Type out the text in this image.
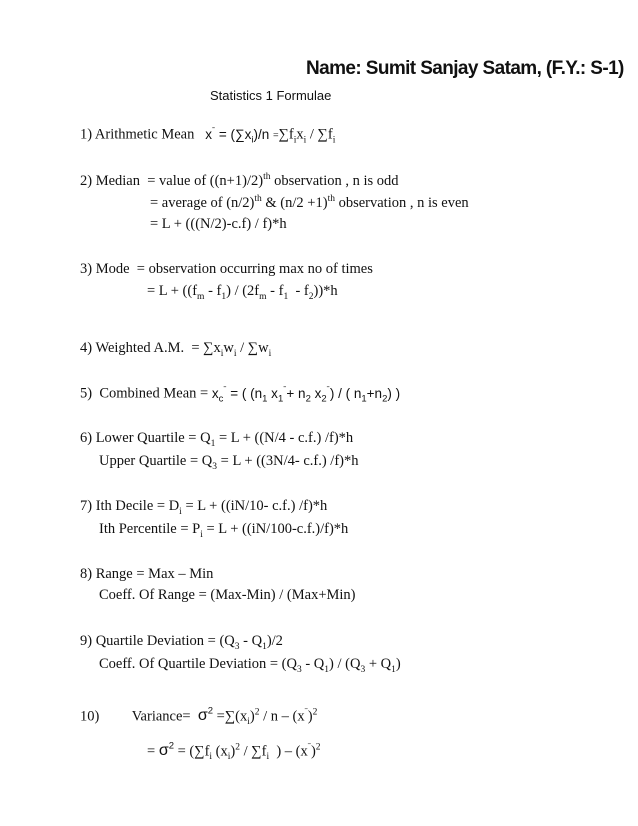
Name: Sumit Sanjay Satam, (F.Y.: S-1)
Statistics 1 Formulae
1) Arithmetic Mean   $x^ˉ = (\sum x_i)/n =\sum f_ix_i / \sum f_i$
2) Median  = value of $((n+1)/2)^{th}$ observation , n is odd
= average of $(n/2)^{th}$ & $(n/2 +1)^{th}$ observation , n is even
= L + (((N/2)-c.f) / f)*h
3) Mode  = observation occurring max no of times
= $L + ((f_m - f_1) / (2f_m - f_1 - f_2))*h$
4) Weighted A.M.  = $\sum x_iw_i / \sum w_i$
5)  Combined Mean = $x_c^ˉ$ = ( ($n_1$ $x_1^ˉ+ n_2$ $x_2^ˉ$) / ( $n_1+n_2$) )
6) Lower Quartile = $Q_1 = L + ((N/4 - c.f.)$ /f)*h
Upper Quartile = $Q_3 = L + ((3N/4-$ c.f.) /f)*h
7) Ith Decile = $D_i = L + ((iN/10-$ c.f.) /f)*h
Ith Percentile = $P_i = L + ((iN/100-c.f.)/f)*h$
8) Range = Max – Min
Coeff. Of Range = (Max-Min) / (Max+Min)
9) Quartile Deviation = $(Q_3 - Q_1)/2$
Coeff. Of Quartile Deviation = $(Q_3 - Q_1) / (Q_3 + Q_1)$
10)         Variance=  $\sigma^2 =\sum(x_i)^2 / n - (x^ˉ)^2$
= $\sigma^2 = (\sum f_i$ $(x_i)^2 / \sum f_i$  ) – $(x^ˉ)^2$
